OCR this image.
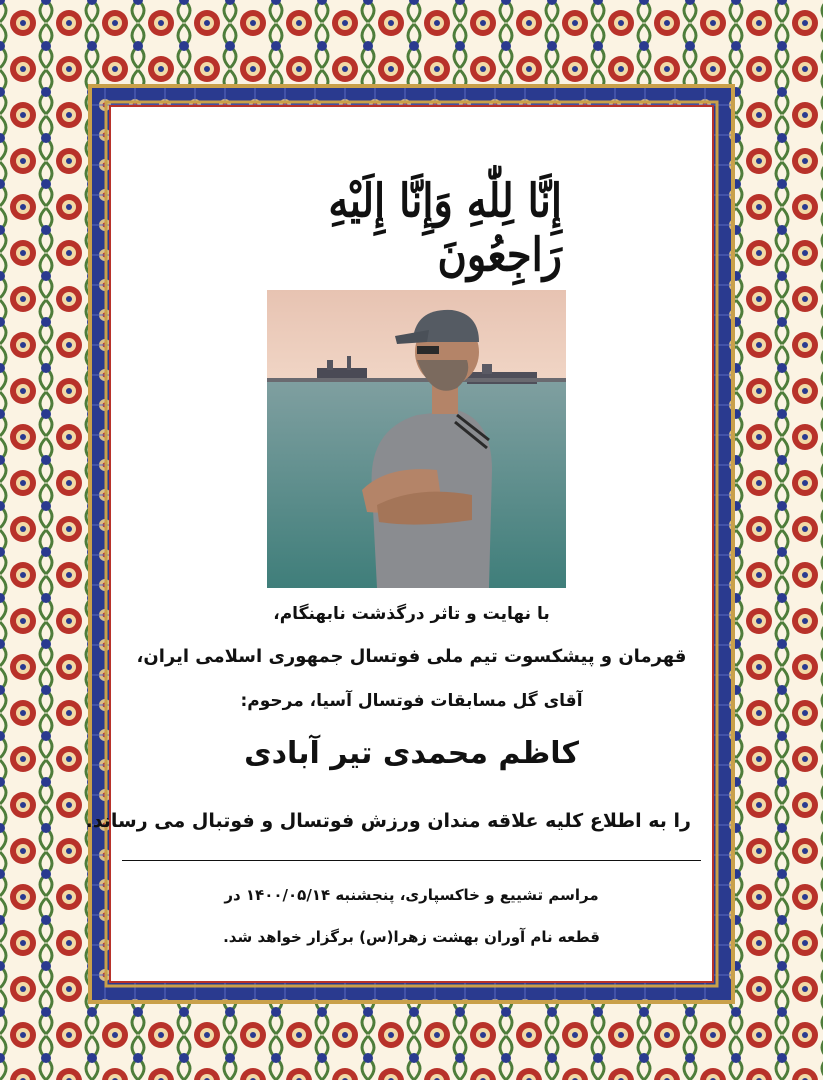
إِنَّا لِلّٰهِ وَإِنَّا إِلَيْهِ رَاجِعُونَ
با نهایت و تاثر درگذشت نابهنگام،
قهرمان و پیشکسوت تیم ملی فوتسال جمهوری اسلامی ایران،
آقای گل مسابقات فوتسال آسیا، مرحوم:
کاظم محمدی تیر آبادی
را به اطلاع کلیه علاقه مندان ورزش فوتسال و فوتبال می رساند.
مراسم تشییع و خاکسپاری، پنجشنبه ۱۴۰۰/۰۵/۱۴ در
قطعه نام آوران بهشت زهرا(س) برگزار خواهد شد.
